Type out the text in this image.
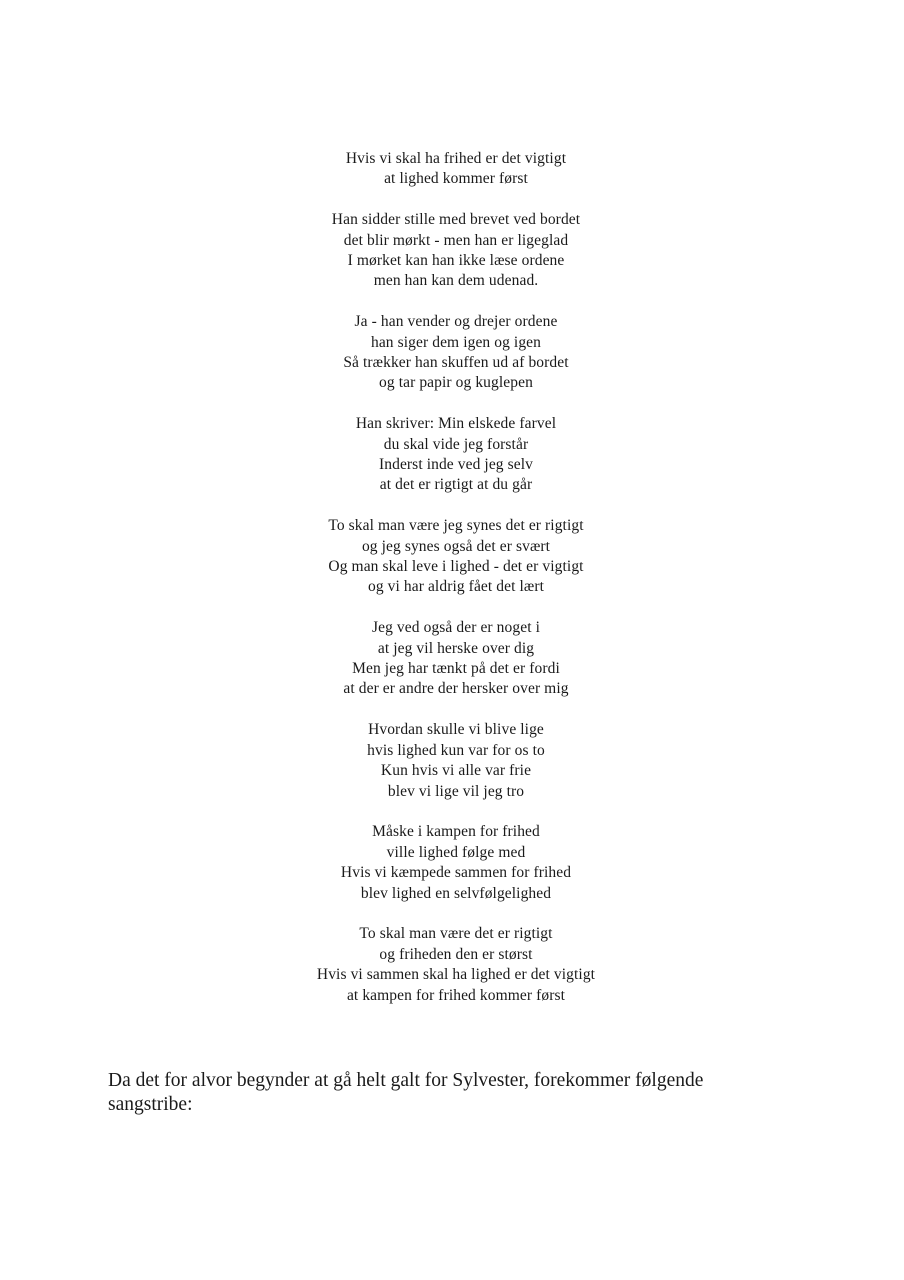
Hvis vi skal ha frihed er det vigtigt
at lighed kommer først
Han sidder stille med brevet ved bordet
det blir mørkt - men han er ligeglad
I mørket kan han ikke læse ordene
men han kan dem udenad.
Ja - han vender og drejer ordene
han siger dem igen og igen
Så trækker han skuffen ud af bordet
og tar papir og kuglepen
Han skriver: Min elskede farvel
du skal vide jeg forstår
Inderst inde ved jeg selv
at det er rigtigt at du går
To skal man være jeg synes det er rigtigt
og jeg synes også det er svært
Og man skal leve i lighed - det er vigtigt
og vi har aldrig fået det lært
Jeg ved også der er noget i
at jeg vil herske over dig
Men jeg har tænkt på det er fordi
at der er andre der hersker over mig
Hvordan skulle vi blive lige
hvis lighed kun var for os to
Kun hvis vi alle var frie
blev vi lige vil jeg tro
Måske i kampen for frihed
ville lighed følge med
Hvis vi kæmpede sammen for frihed
blev lighed en selvfølgelighed
To skal man være det er rigtigt
og friheden den er størst
Hvis vi sammen skal ha lighed er det vigtigt
at kampen for frihed kommer først

Da det for alvor begynder at gå helt galt for Sylvester, forekommer følgende sangstribe:
